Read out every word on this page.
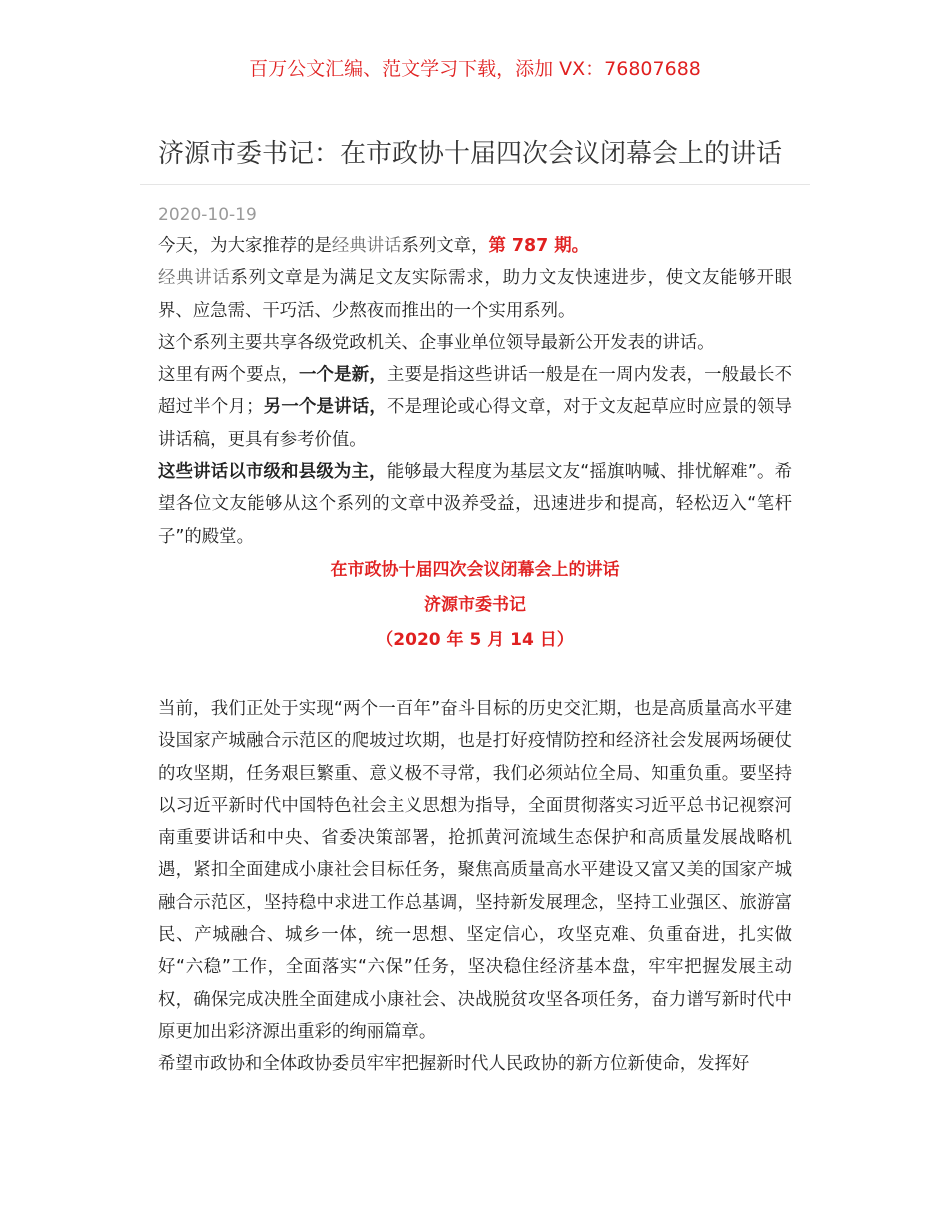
百万公文汇编、范文学习下载，添加 VX：76807688
济源市委书记：在市政协十届四次会议闭幕会上的讲话
2020-10-19

今天，为大家推荐的是经典讲话系列文章，第 787 期。

经典讲话系列文章是为满足文友实际需求，助力文友快速进步，使文友能够开眼界、应急需、干巧活、少熬夜而推出的一个实用系列。

这个系列主要共享各级党政机关、企事业单位领导最新公开发表的讲话。

这里有两个要点，一个是新，主要是指这些讲话一般是在一周内发表，一般最长不超过半个月；另一个是讲话，不是理论或心得文章，对于文友起草应时应景的领导讲话稿，更具有参考价值。

这些讲话以市级和县级为主，能够最大程度为基层文友“摇旗呐喊、排忧解难”。希望各位文友能够从这个系列的文章中汲养受益，迅速进步和提高，轻松迈入“笔杆子”的殿堂。

在市政协十届四次会议闭幕会上的讲话
济源市委书记
（2020 年 5 月 14 日）

当前，我们正处于实现“两个一百年”奋斗目标的历史交汇期，也是高质量高水平建设国家产城融合示范区的爬坡过坎期，也是打好疫情防控和经济社会发展两场硬仗的攻坚期，任务艰巨繁重、意义极不寻常，我们必须站位全局、知重负重。要坚持以习近平新时代中国特色社会主义思想为指导，全面贯彻落实习近平总书记视察河南重要讲话和中央、省委决策部署，抢抓黄河流域生态保护和高质量发展战略机遇，紧扣全面建成小康社会目标任务，聚焦高质量高水平建设又富又美的国家产城融合示范区，坚持稳中求进工作总基调，坚持新发展理念，坚持工业强区、旅游富民、产城融合、城乡一体，统一思想、坚定信心，攻坚克难、负重奋进，扎实做好“六稳”工作，全面落实“六保”任务，坚决稳住经济基本盘，牢牢把握发展主动权，确保完成决胜全面建成小康社会、决战脱贫攻坚各项任务，奋力谱写新时代中原更加出彩济源出重彩的绚丽篇章。

希望市政协和全体政协委员牢牢把握新时代人民政协的新方位新使命，发挥好
